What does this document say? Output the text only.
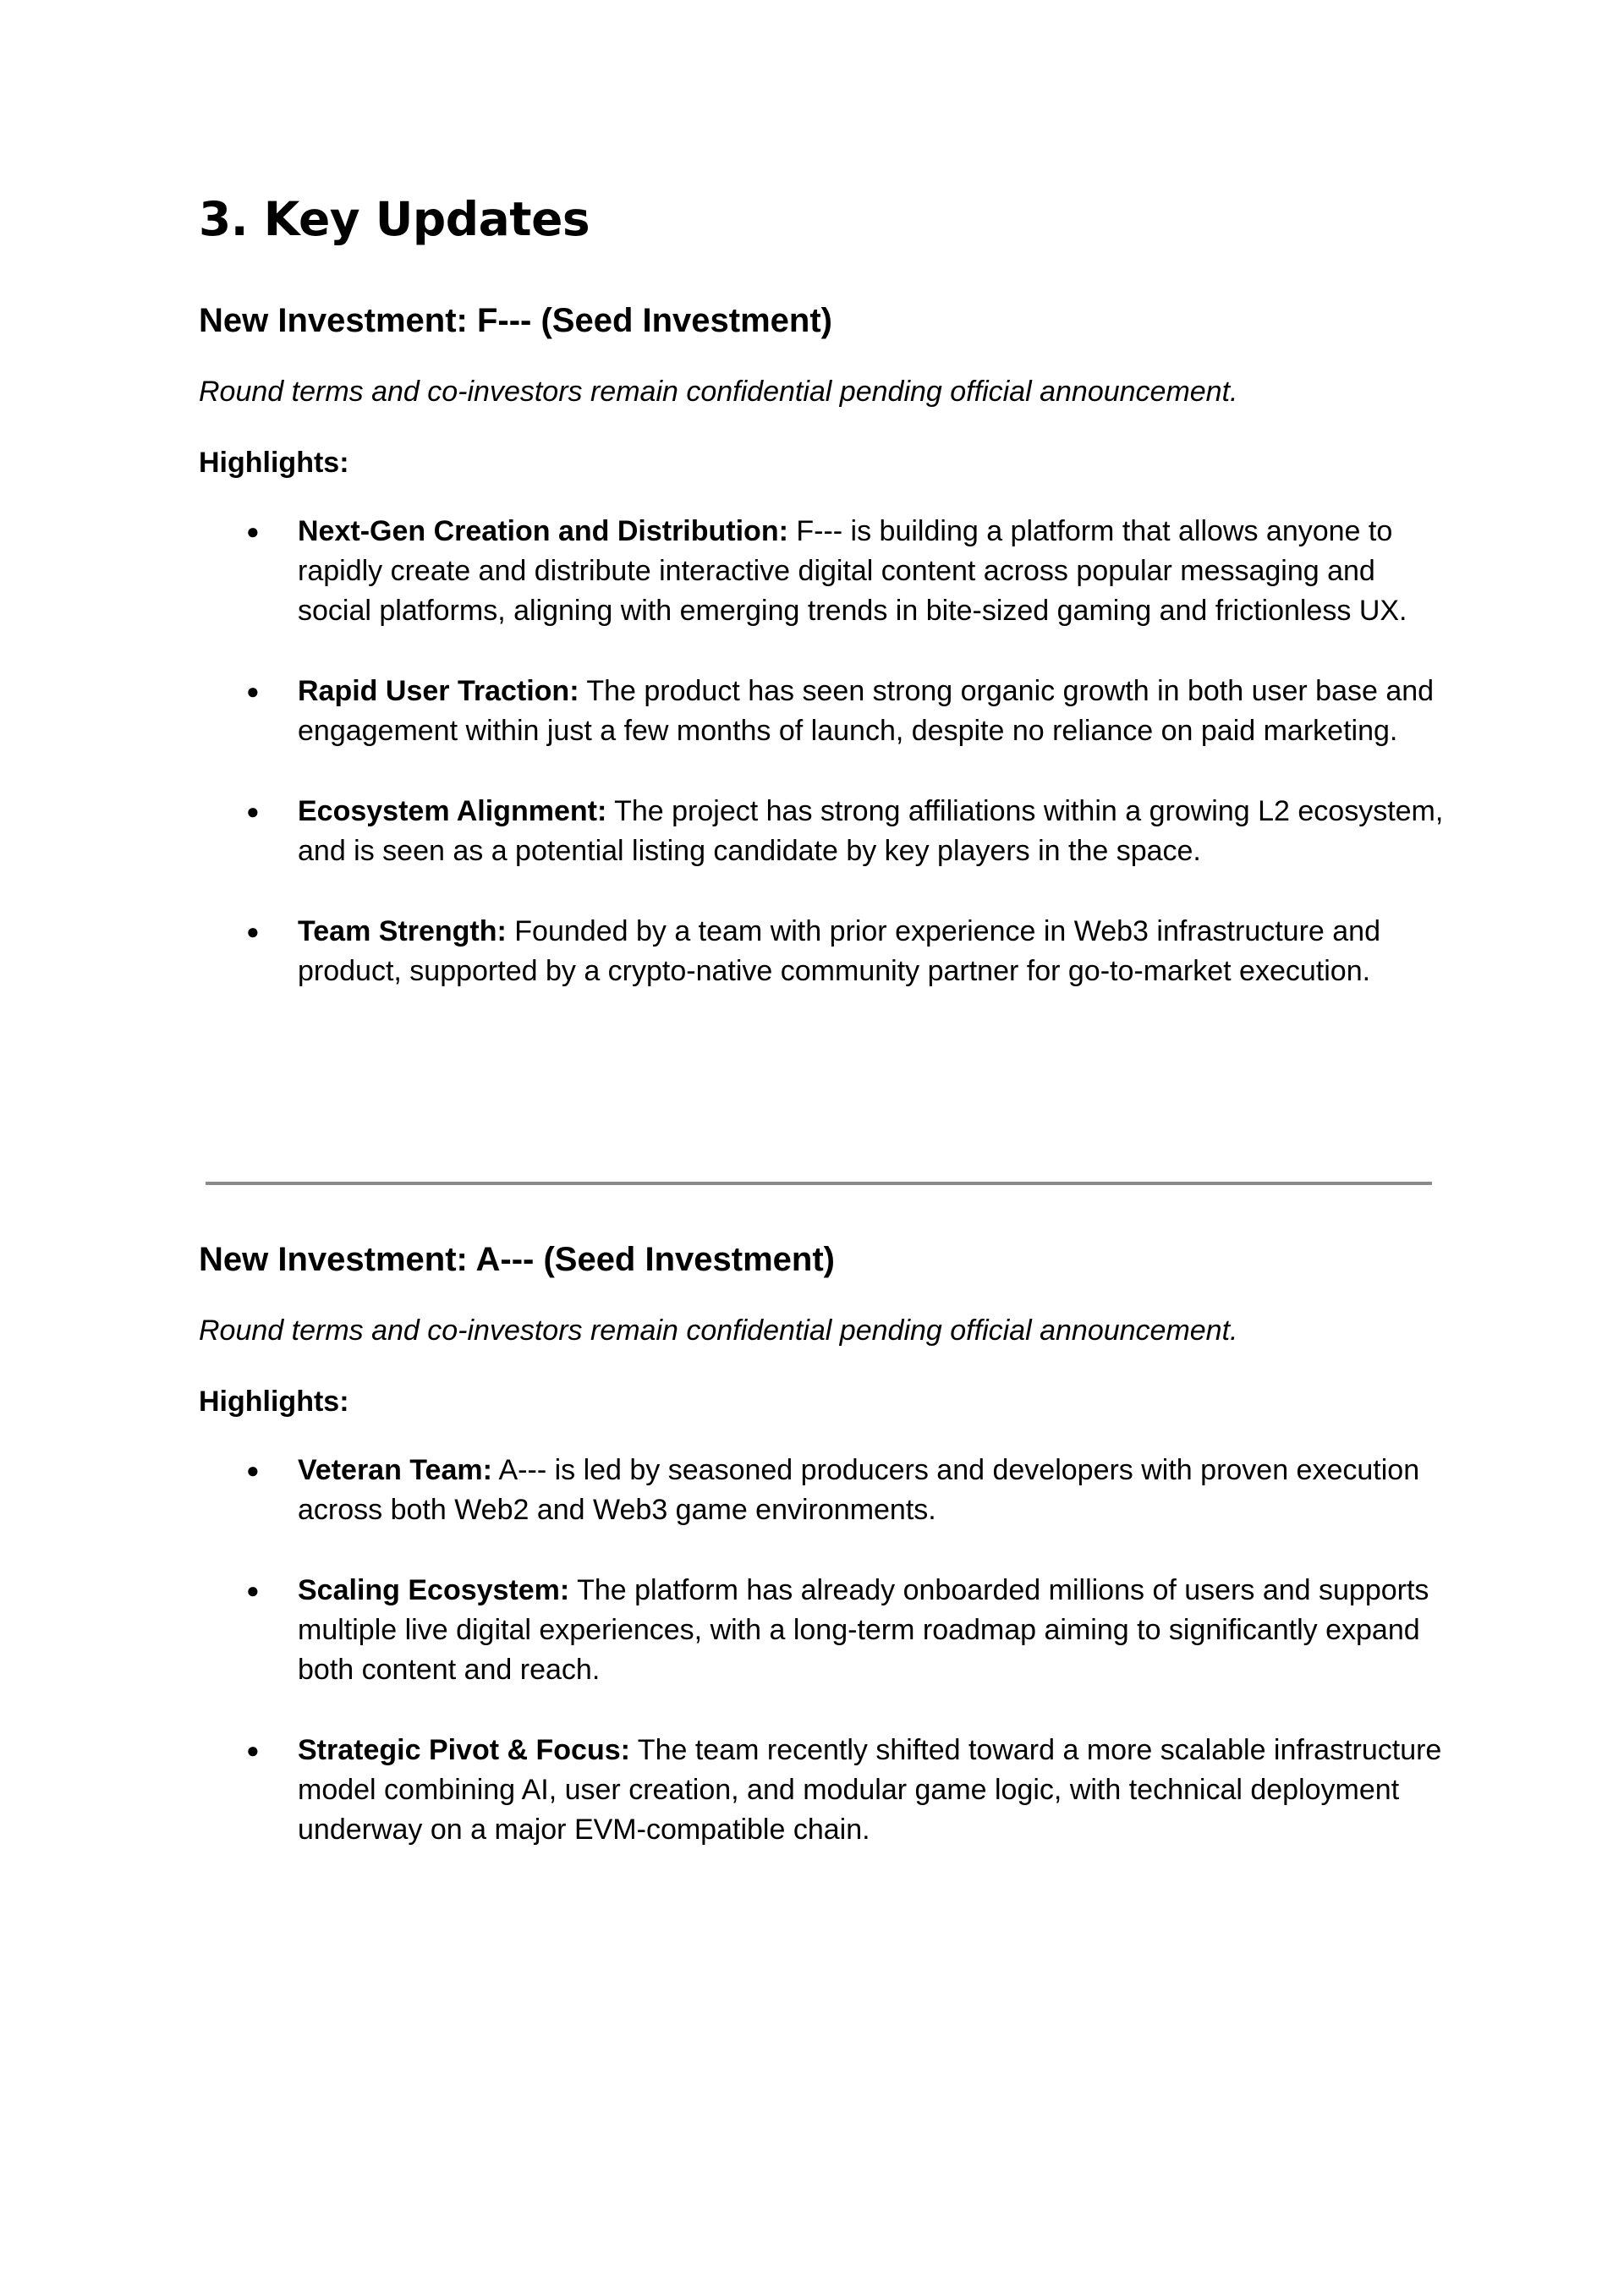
3. Key Updates
New Investment: F--- (Seed Investment)

Round terms and co-investors remain confidential pending official announcement.

Highlights:

● Next-Gen Creation and Distribution: F--- is building a platform that allows anyone to rapidly create and distribute interactive digital content across popular messaging and social platforms, aligning with emerging trends in bite-sized gaming and frictionless UX.
● Rapid User Traction: The product has seen strong organic growth in both user base and engagement within just a few months of launch, despite no reliance on paid marketing.
● Ecosystem Alignment: The project has strong affiliations within a growing L2 ecosystem, and is seen as a potential listing candidate by key players in the space.
● Team Strength: Founded by a team with prior experience in Web3 infrastructure and product, supported by a crypto-native community partner for go-to-market execution.
New Investment: A--- (Seed Investment)

Round terms and co-investors remain confidential pending official announcement.

Highlights:

● Veteran Team: A--- is led by seasoned producers and developers with proven execution across both Web2 and Web3 game environments.
● Scaling Ecosystem: The platform has already onboarded millions of users and supports multiple live digital experiences, with a long-term roadmap aiming to significantly expand both content and reach.
● Strategic Pivot & Focus: The team recently shifted toward a more scalable infrastructure model combining AI, user creation, and modular game logic, with technical deployment underway on a major EVM-compatible chain.
